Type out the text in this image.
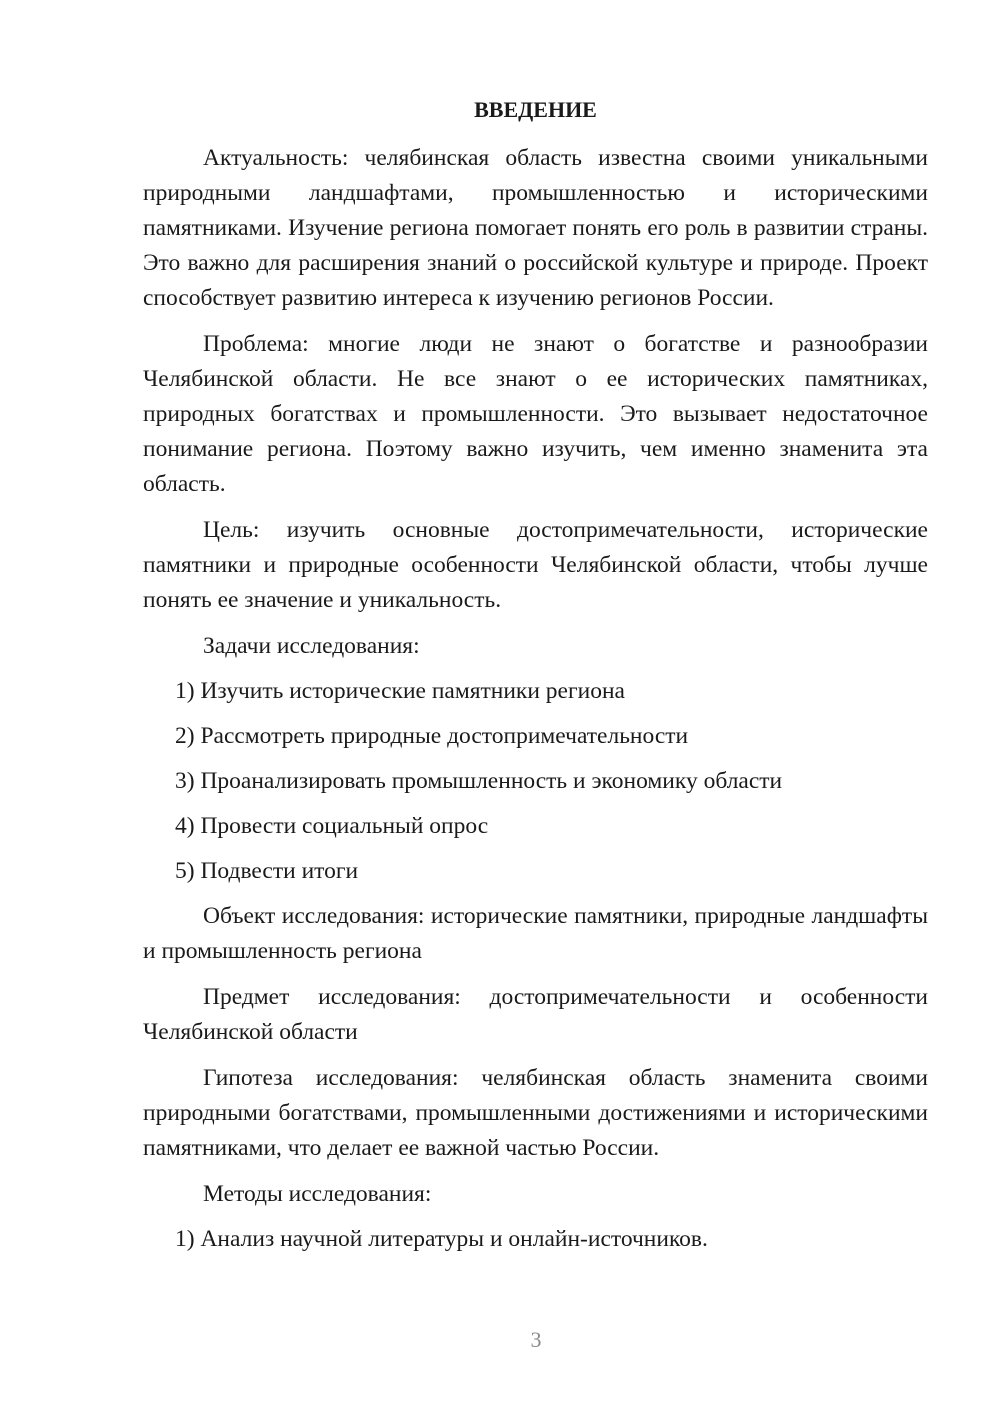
ВВЕДЕНИЕ

Актуальность: челябинская область известна своими уникальными природными ландшафтами, промышленностью и историческими памятниками. Изучение региона помогает понять его роль в развитии страны. Это важно для расширения знаний о российской культуре и природе. Проект способствует развитию интереса к изучению регионов России.

Проблема: многие люди не знают о богатстве и разнообразии Челябинской области. Не все знают о ее исторических памятниках, природных богатствах и промышленности. Это вызывает недостаточное понимание региона. Поэтому важно изучить, чем именно знаменита эта область.

Цель: изучить основные достопримечательности, исторические памятники и природные особенности Челябинской области, чтобы лучше понять ее значение и уникальность.

Задачи исследования:

1) Изучить исторические памятники региона
2) Рассмотреть природные достопримечательности
3) Проанализировать промышленность и экономику области
4) Провести социальный опрос
5) Подвести итоги

Объект исследования: исторические памятники, природные ландшафты и промышленность региона

Предмет исследования: достопримечательности и особенности Челябинской области

Гипотеза исследования: челябинская область знаменита своими природными богатствами, промышленными достижениями и историческими памятниками, что делает ее важной частью России.

Методы исследования:

1) Анализ научной литературы и онлайн-источников.
3
